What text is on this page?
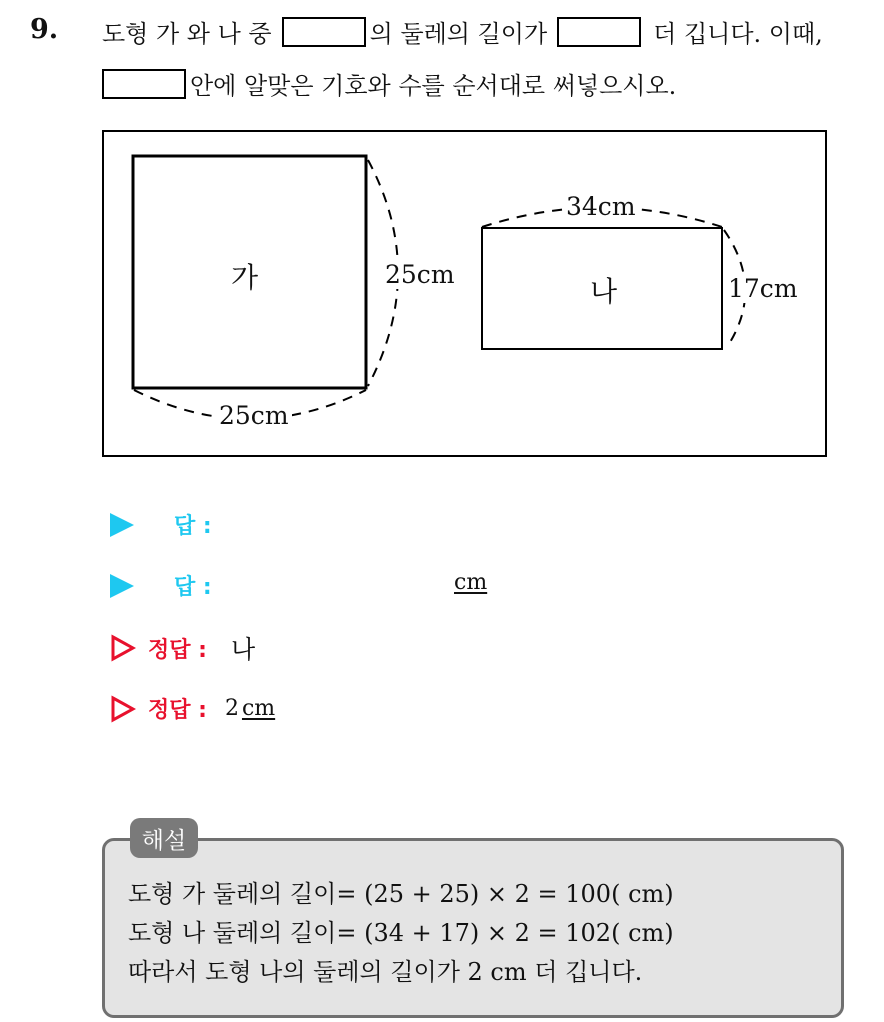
9. 도형 가 와 나 중	의 둘레의 길이가	더 깁니다. 이때,
안에 알맞은 기호와 수를 순서대로 써넣으시오.
가	25cm
25cm
나
34cm
17cm
답 :
답 :	cm
정답 : 나
정답 : 2 cm
해설
도형 가 둘레의 길이= (25 + 25) × 2 = 100( cm)
도형 나 둘레의 길이= (34 + 17) × 2 = 102( cm)
따라서 도형 나의 둘레의 길이가 2 cm 더 깁니다.
